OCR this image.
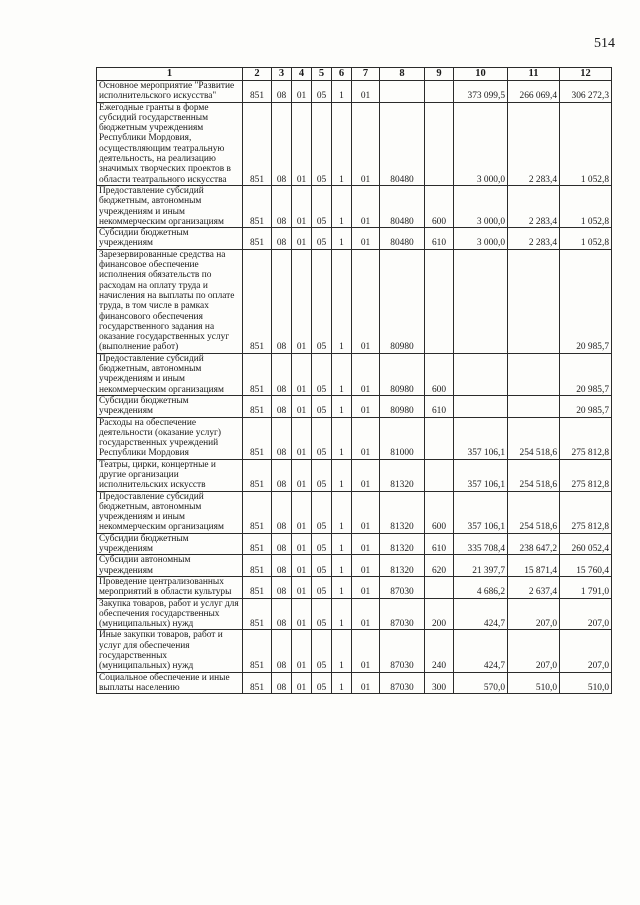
514
1	2	3	4	5	6	7	8	9	10	11	12
Основное мероприятие "Развитие исполнительского искусства"	851	08	01	05	1	01			373 099,5	266 069,4	306 272,3
Ежегодные гранты в форме субсидий государственным бюджетным учреждениям Республики Мордовия, осуществляющим театральную деятельность, на реализацию значимых творческих проектов в области театрального искусства	851	08	01	05	1	01	80480		3 000,0	2 283,4	1 052,8
Предоставление субсидий бюджетным, автономным учреждениям и иным некоммерческим организациям	851	08	01	05	1	01	80480	600	3 000,0	2 283,4	1 052,8
Субсидии бюджетным учреждениям	851	08	01	05	1	01	80480	610	3 000,0	2 283,4	1 052,8
Зарезервированные средства на финансовое обеспечение исполнения обязательств по расходам на оплату труда и начисления на выплаты по оплате труда, в том числе в рамках финансового обеспечения государственного задания на оказание государственных услуг (выполнение работ)	851	08	01	05	1	01	80980				20 985,7
Предоставление субсидий бюджетным, автономным учреждениям и иным некоммерческим организациям	851	08	01	05	1	01	80980	600			20 985,7
Субсидии бюджетным учреждениям	851	08	01	05	1	01	80980	610			20 985,7
Расходы на обеспечение деятельности (оказание услуг) государственных учреждений Республики Мордовия	851	08	01	05	1	01	81000		357 106,1	254 518,6	275 812,8
Театры, цирки, концертные и другие организации исполнительских искусств	851	08	01	05	1	01	81320		357 106,1	254 518,6	275 812,8
Предоставление субсидий бюджетным, автономным учреждениям и иным некоммерческим организациям	851	08	01	05	1	01	81320	600	357 106,1	254 518,6	275 812,8
Субсидии бюджетным учреждениям	851	08	01	05	1	01	81320	610	335 708,4	238 647,2	260 052,4
Субсидии автономным учреждениям	851	08	01	05	1	01	81320	620	21 397,7	15 871,4	15 760,4
Проведение централизованных мероприятий в области культуры	851	08	01	05	1	01	87030		4 686,2	2 637,4	1 791,0
Закупка товаров, работ и услуг для обеспечения государственных (муниципальных) нужд	851	08	01	05	1	01	87030	200	424,7	207,0	207,0
Иные закупки товаров, работ и услуг для обеспечения государственных (муниципальных) нужд	851	08	01	05	1	01	87030	240	424,7	207,0	207,0
Социальное обеспечение и иные выплаты населению	851	08	01	05	1	01	87030	300	570,0	510,0	510,0
